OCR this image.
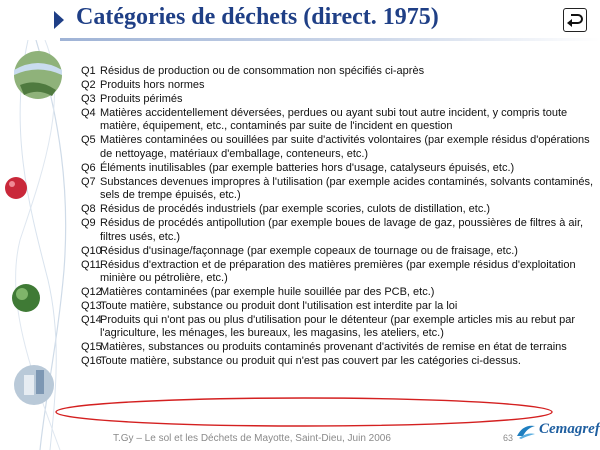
Catégories de déchets (direct. 1975)
Q1 Résidus de production ou de consommation non spécifiés ci-après
Q2 Produits hors normes
Q3 Produits périmés
Q4 Matières accidentellement déversées, perdues ou ayant subi tout autre incident, y compris toute matière, équipement, etc., contaminés par suite de l'incident en question
Q5 Matières contaminées ou souillées par suite d'activités volontaires (par exemple résidus d'opérations de nettoyage, matériaux d'emballage, conteneurs, etc.)
Q6 Éléments inutilisables (par exemple batteries hors d'usage, catalyseurs épuisés, etc.)
Q7 Substances devenues impropres à l'utilisation (par exemple acides contaminés, solvants contaminés, sels de trempe épuisés, etc.)
Q8 Résidus de procédés industriels (par exemple scories, culots de distillation, etc.)
Q9 Résidus de procédés antipollution (par exemple boues de lavage de gaz, poussières de filtres à air, filtres usés, etc.)
Q10
Résidus d'usinage/façonnage (par exemple copeaux de tournage ou de fraisage, etc.)
Q11 Résidus d'extraction et de préparation des matières premières (par exemple résidus d'exploitation minière ou pétrolière, etc.)
Q12
Matières contaminées (par exemple huile souillée par des PCB, etc.)
Q13
Toute matière, substance ou produit dont l'utilisation est interdite par la loi
Q14
Produits qui n'ont pas ou plus d'utilisation pour le détenteur (par exemple articles mis au rebut par l'agriculture, les ménages, les bureaux, les magasins, les ateliers, etc.)
Q15
Matières, substances ou produits contaminés provenant d'activités de remise en état de terrains
Q16
Toute matière, substance ou produit qui n'est pas couvert par les catégories ci-dessus.
T.Gy – Le sol et les Déchets de Mayotte, Saint-Dieu, Juin 2006	63
Cemagref
